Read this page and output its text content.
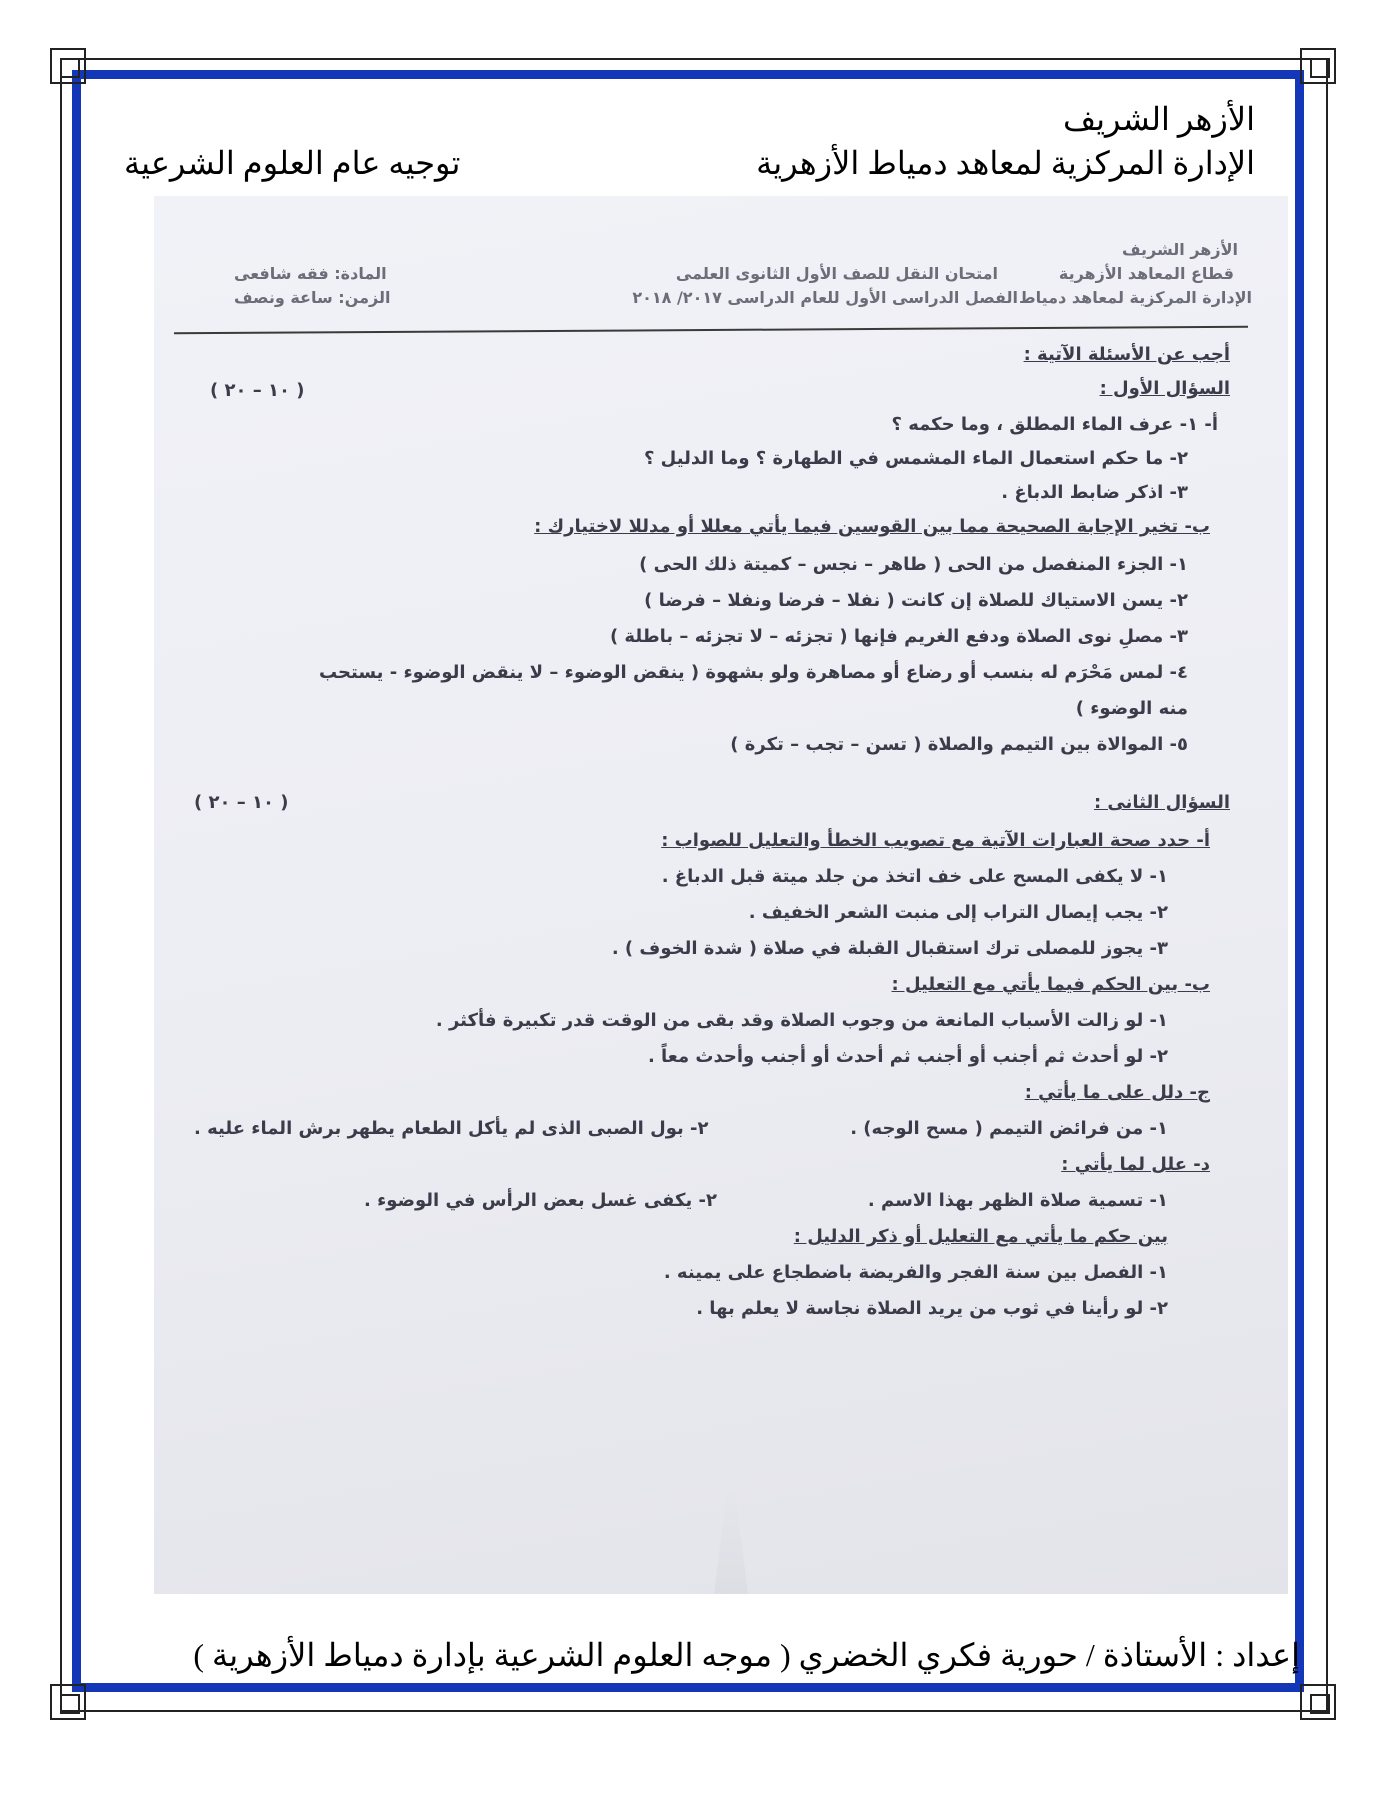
الأزهر الشريف
الإدارة المركزية لمعاهد دمياط الأزهرية
توجيه عام العلوم الشرعية
الأزهر الشريف
قطاع المعاهد الأزهرية
الإدارة المركزية لمعاهد دمياط
امتحان النقل للصف الأول الثانوى العلمى
الفصل الدراسى الأول للعام الدراسى ٢٠١٧/ ٢٠١٨
المادة: فقه شافعى
الزمن: ساعة ونصف
أجب عن الأسئلة الآتية :
السؤال الأول :
( ١٠ – ٢٠ )
أ- ١- عرف الماء المطلق ، وما حكمه ؟
٢- ما حكم استعمال الماء المشمس في الطهارة ؟ وما الدليل ؟
٣- اذكر ضابط الدباغ .
ب- تخير الإجابة الصحيحة مما بين القوسين فيما يأتي معللا أو مدللا لاختيارك :
١- الجزء المنفصل من الحى ( طاهر – نجس – كميتة ذلك الحى )
٢- يسن الاستياك للصلاة إن كانت ( نفلا – فرضا ونفلا – فرضا )
٣- مصلِ نوى الصلاة ودفع الغريم فإنها ( تجزئه – لا تجزئه – باطلة )
٤- لمس مَحْرَم له بنسب أو رضاع أو مصاهرة ولو بشهوة ( ينقض الوضوء – لا ينقض الوضوء - يستحب
منه الوضوء )
٥- الموالاة بين التيمم والصلاة ( تسن – تجب – تكرة )
السؤال الثانى :
( ١٠ – ٢٠ )
أ- حدد صحة العبارات الآتية مع تصويب الخطأ والتعليل للصواب :
١- لا يكفى المسح على خف اتخذ من جلد ميتة قبل الدباغ .
٢- يجب إيصال التراب إلى منبت الشعر الخفيف .
٣- يجوز للمصلى ترك استقبال القبلة في صلاة ( شدة الخوف ) .
ب- بين الحكم فيما يأتي مع التعليل :
١- لو زالت الأسباب المانعة من وجوب الصلاة وقد بقى من الوقت قدر تكبيرة فأكثر .
٢- لو أحدث ثم أجنب أو أجنب ثم أحدث أو أجنب وأحدث معاً .
ج- دلل على ما يأتي :
١- من فرائض التيمم ( مسح الوجه) .
٢- بول الصبى الذى لم يأكل الطعام يطهر برش الماء عليه .
د- علل لما يأتي :
١- تسمية صلاة الظهر بهذا الاسم .
٢- يكفى غسل بعض الرأس في الوضوء .
بين حكم ما يأتي مع التعليل أو ذكر الدليل :
١- الفصل بين سنة الفجر والفريضة باضطجاع على يمينه .
٢- لو رأينا في ثوب من يريد الصلاة نجاسة لا يعلم بها .
إعداد : الأستاذة / حورية فكري الخضري ( موجه العلوم الشرعية بإدارة دمياط الأزهرية )
